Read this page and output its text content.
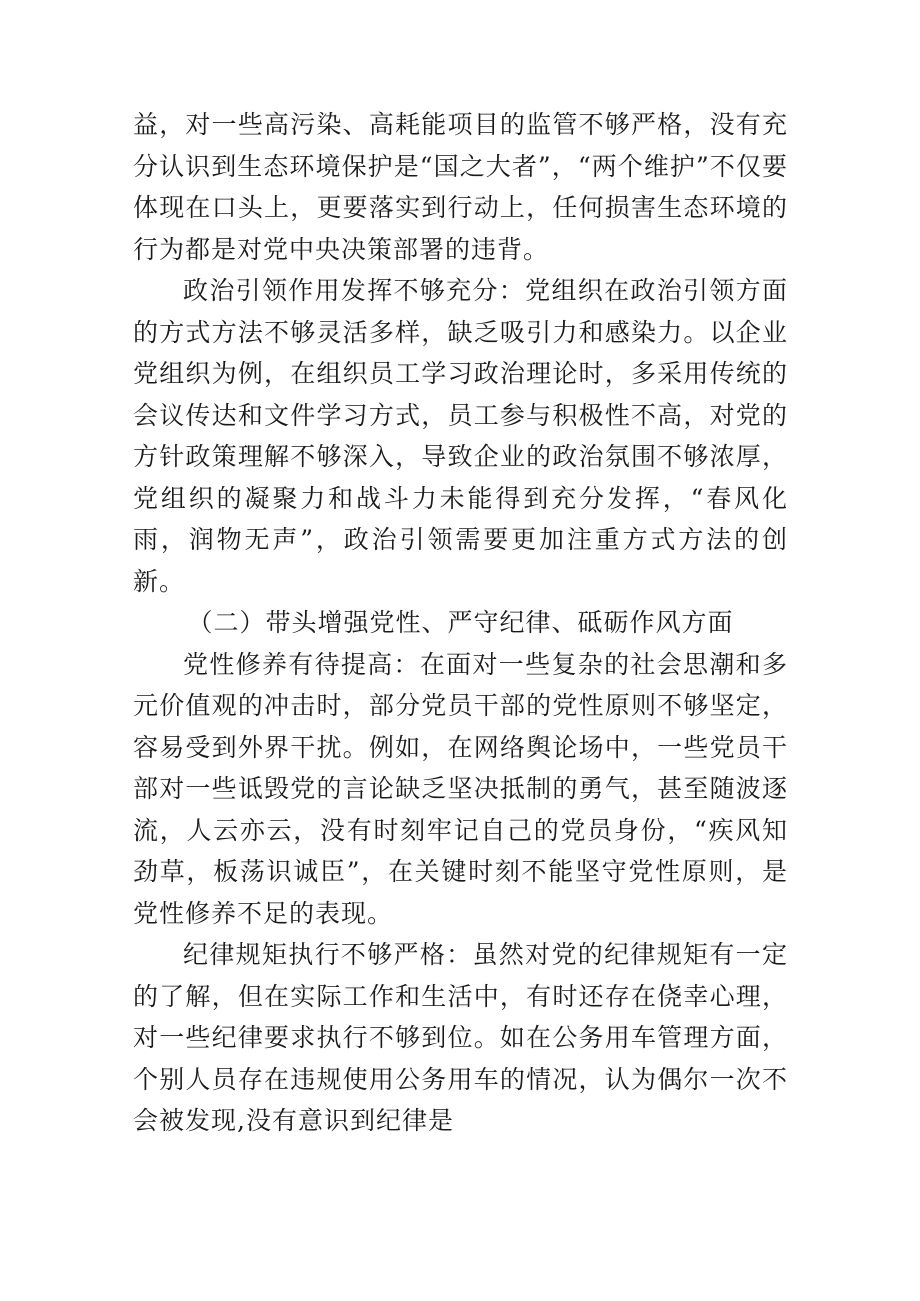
益，对一些高污染、高耗能项目的监管不够严格，没有充分认识到生态环境保护是“国之大者”，“两个维护”不仅要体现在口头上，更要落实到行动上，任何损害生态环境的行为都是对党中央决策部署的违背。

政治引领作用发挥不够充分：党组织在政治引领方面的方式方法不够灵活多样，缺乏吸引力和感染力。以企业党组织为例，在组织员工学习政治理论时，多采用传统的会议传达和文件学习方式，员工参与积极性不高，对党的方针政策理解不够深入，导致企业的政治氛围不够浓厚，党组织的凝聚力和战斗力未能得到充分发挥，“春风化雨，润物无声”，政治引领需要更加注重方式方法的创新。

（二）带头增强党性、严守纪律、砥砺作风方面

党性修养有待提高：在面对一些复杂的社会思潮和多元价值观的冲击时，部分党员干部的党性原则不够坚定，容易受到外界干扰。例如，在网络舆论场中，一些党员干部对一些诋毁党的言论缺乏坚决抵制的勇气，甚至随波逐流，人云亦云，没有时刻牢记自己的党员身份，“疾风知劲草，板荡识诚臣”，在关键时刻不能坚守党性原则，是党性修养不足的表现。

纪律规矩执行不够严格：虽然对党的纪律规矩有一定的了解，但在实际工作和生活中，有时还存在侥幸心理，对一些纪律要求执行不够到位。如在公务用车管理方面，个别人员存在违规使用公务用车的情况，认为偶尔一次不会被发现,没有意识到纪律是
